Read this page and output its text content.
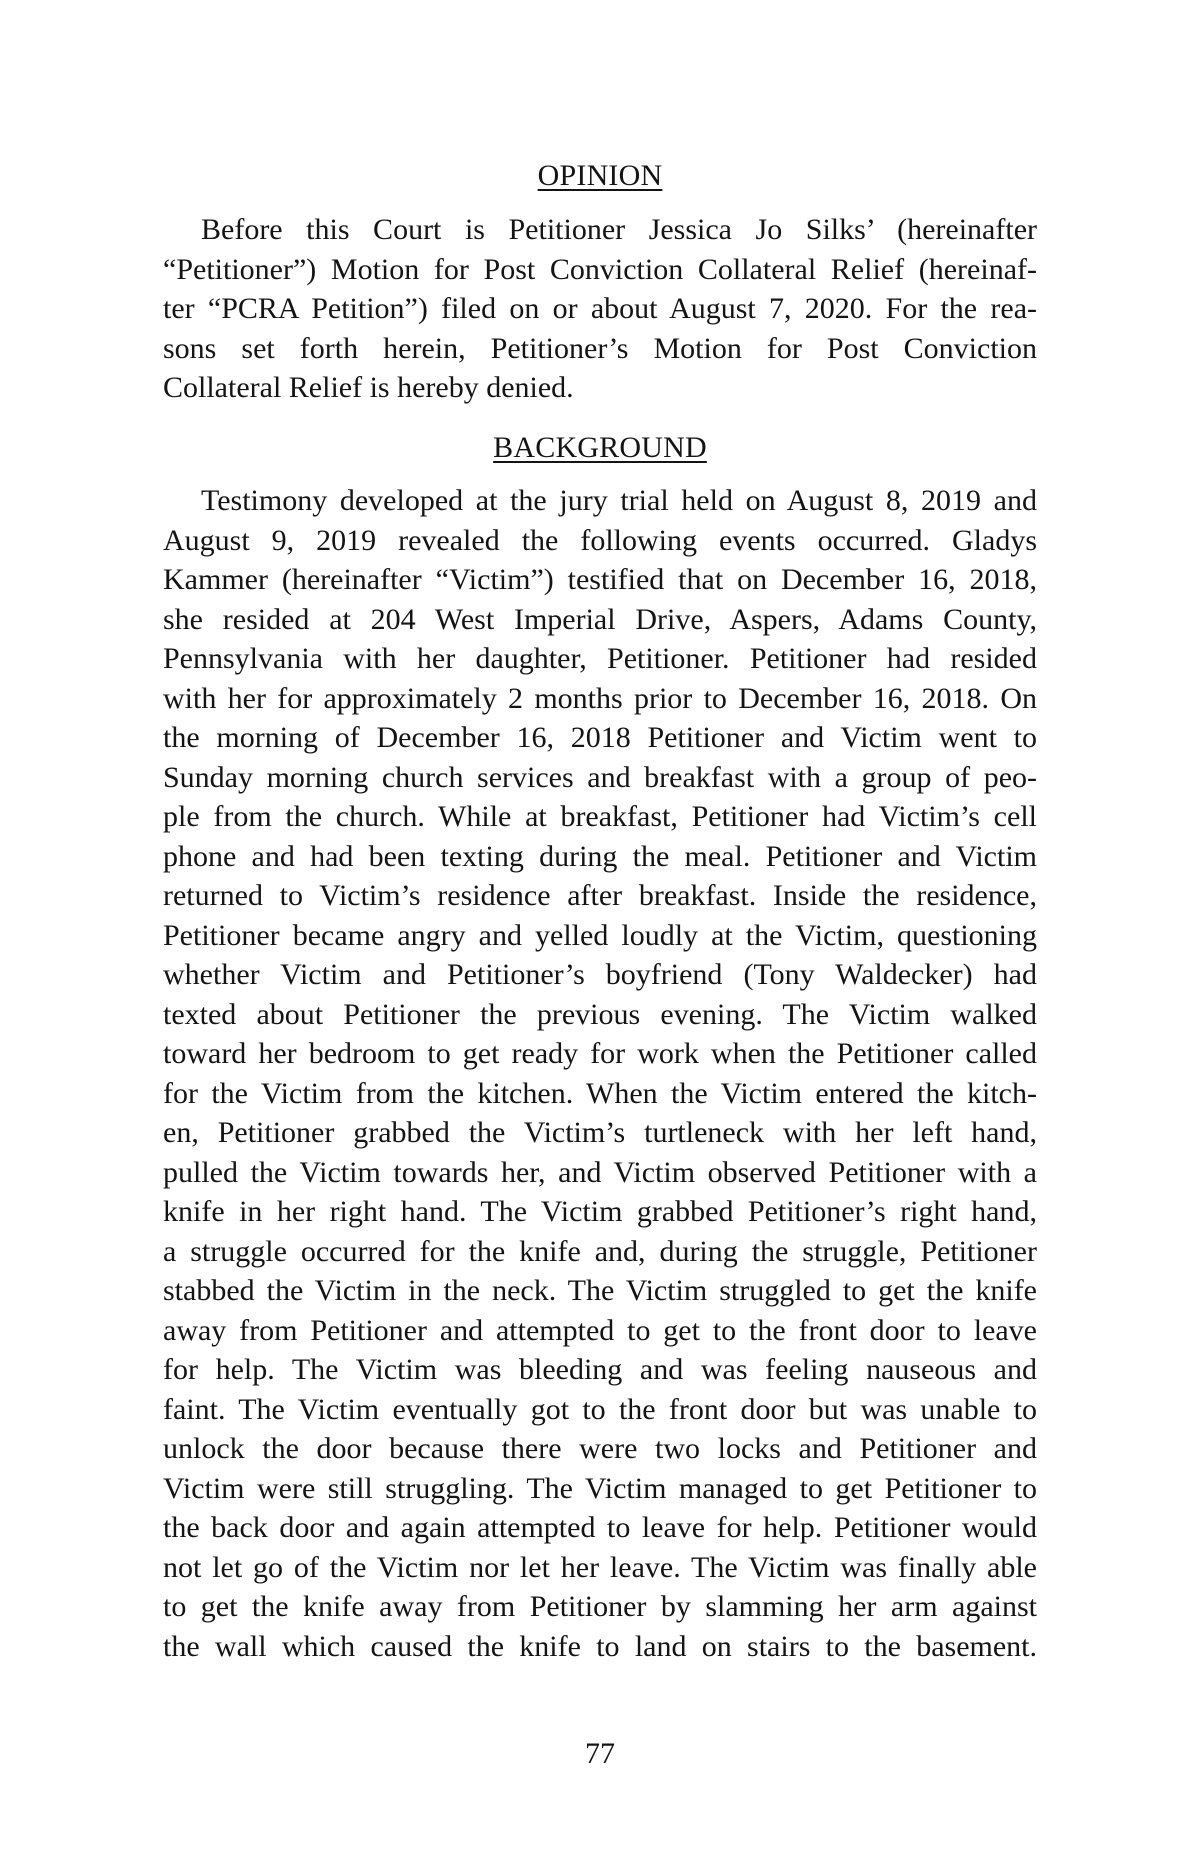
OPINION
Before this Court is Petitioner Jessica Jo Silks’ (hereinafter
“Petitioner”) Motion for Post Conviction Collateral Relief (hereinaf-
ter “PCRA Petition”) filed on or about August 7, 2020. For the rea-
sons set forth herein, Petitioner’s Motion for Post Conviction
Collateral Relief is hereby denied.
BACKGROUND
Testimony developed at the jury trial held on August 8, 2019 and
August 9, 2019 revealed the following events occurred. Gladys
Kammer (hereinafter “Victim”) testified that on December 16, 2018,
she resided at 204 West Imperial Drive, Aspers, Adams County,
Pennsylvania with her daughter, Petitioner. Petitioner had resided
with her for approximately 2 months prior to December 16, 2018. On
the morning of December 16, 2018 Petitioner and Victim went to
Sunday morning church services and breakfast with a group of peo-
ple from the church. While at breakfast, Petitioner had Victim’s cell
phone and had been texting during the meal. Petitioner and Victim
returned to Victim’s residence after breakfast. Inside the residence,
Petitioner became angry and yelled loudly at the Victim, questioning
whether Victim and Petitioner’s boyfriend (Tony Waldecker) had
texted about Petitioner the previous evening. The Victim walked
toward her bedroom to get ready for work when the Petitioner called
for the Victim from the kitchen. When the Victim entered the kitch-
en, Petitioner grabbed the Victim’s turtleneck with her left hand,
pulled the Victim towards her, and Victim observed Petitioner with a
knife in her right hand. The Victim grabbed Petitioner’s right hand,
a struggle occurred for the knife and, during the struggle, Petitioner
stabbed the Victim in the neck. The Victim struggled to get the knife
away from Petitioner and attempted to get to the front door to leave
for help. The Victim was bleeding and was feeling nauseous and
faint. The Victim eventually got to the front door but was unable to
unlock the door because there were two locks and Petitioner and
Victim were still struggling. The Victim managed to get Petitioner to
the back door and again attempted to leave for help. Petitioner would
not let go of the Victim nor let her leave. The Victim was finally able
to get the knife away from Petitioner by slamming her arm against
the wall which caused the knife to land on stairs to the basement.
77
